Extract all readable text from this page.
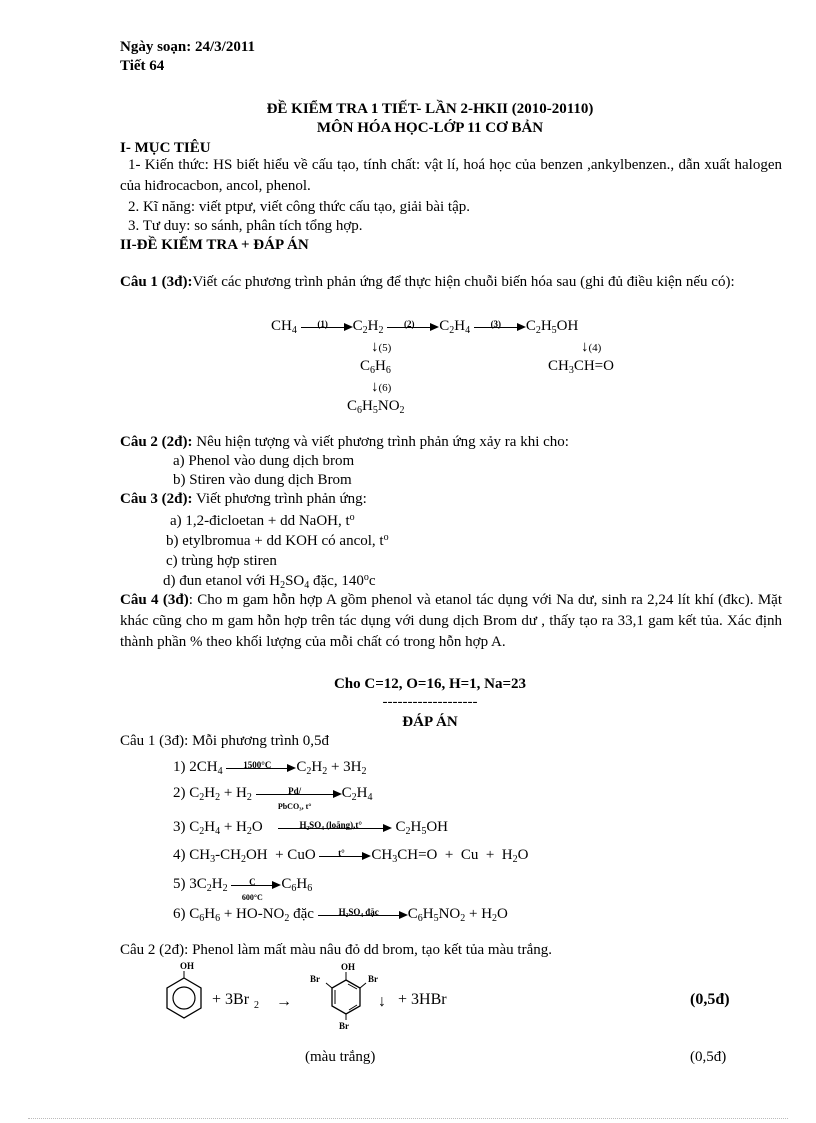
Ngày soạn: 24/3/2011
Tiết 64
ĐỀ KIỂM TRA 1 TIẾT- LẦN 2-HKII (2010-20110)
MÔN HÓA HỌC-LỚP 11 CƠ BẢN
I- MỤC TIÊU
1- Kiến thức: HS biết hiểu về cấu tạo, tính chất: vật lí, hoá học của benzen ,ankylbenzen., dẫn xuất halogen của hiđrocacbon, ancol, phenol.
2. Kĩ năng: viết ptpư, viết công thức cấu tạo, giải bài tập.
3. Tư duy: so sánh, phân tích tổng hợp.
II-ĐỀ KIỂM TRA + ĐÁP ÁN
Câu 1 (3đ):Viết các phương trình phản ứng để thực hiện chuỗi biến hóa sau (ghi đủ điều kiện nếu có):
$CH_4$
(1)	$C_2H_2$
(2)	$C_2H_4$
(3)	$C_2H_5OH$
↓(5)	↓(4)
$C_6H_6$	$CH_3CH=O$
↓(6)
$C_6H_5NO_2$
Câu 2 (2đ): Nêu hiện tượng và viết phương trình phản ứng xảy ra khi cho:
a) Phenol vào dung dịch brom
b) Stiren vào dung dịch Brom
Câu 3 (2đ): Viết phương trình phản ứng:
a) 1,2-đicloetan + dd NaOH, $t^o$
b) etylbromua + dd KOH có ancol, $t^o$
c) trùng hợp stiren
d) đun etanol với $H_2SO_4$ đặc, 140$^o$c
Câu 4 (3đ): Cho m gam hỗn hợp A gồm phenol và etanol tác dụng với Na dư, sinh ra 2,24 lít khí (đkc). Mặt khác cũng cho m gam hỗn hợp trên tác dụng với dung dịch Brom dư , thấy tạo ra 33,1 gam kết tủa. Xác định thành phần % theo khối lượng của mỗi chất có trong hỗn hợp A.
Cho C=12, O=16, H=1, Na=23
-------------------
ĐÁP ÁN
Câu 1 (3đ): Mỗi phương trình 0,5đ
1) $2CH_4$
1500°C	$C_2H_2 + 3H_2$
2) $C_2H_2 + H_2$
Pd/
PbCO₃, t°
$C_2H_4$
3) $C_2H_4 + H_2O$	H₂SO₄ (loãng),t°	$C_2H_5OH$
4) $CH_3-CH_2OH$  + CuO	t°	$CH_3CH=O + Cu + H_2O$
5) $3C_2H_2$
C
600°C
$C_6H_6$
6) $C_6H_6 + HO-NO_2$ đặc	H₂SO₄ đặc	$C_6H_5NO_2 + H_2O$
Câu 2 (2đ): Phenol làm mất màu nâu đỏ dd brom, tạo kết tủa màu trắng.
OH
+ 3Br 2 →
OH
Br	Br
Br
↓ + 3HBr	(0,5đ)
(màu trắng)	(0,5đ)
